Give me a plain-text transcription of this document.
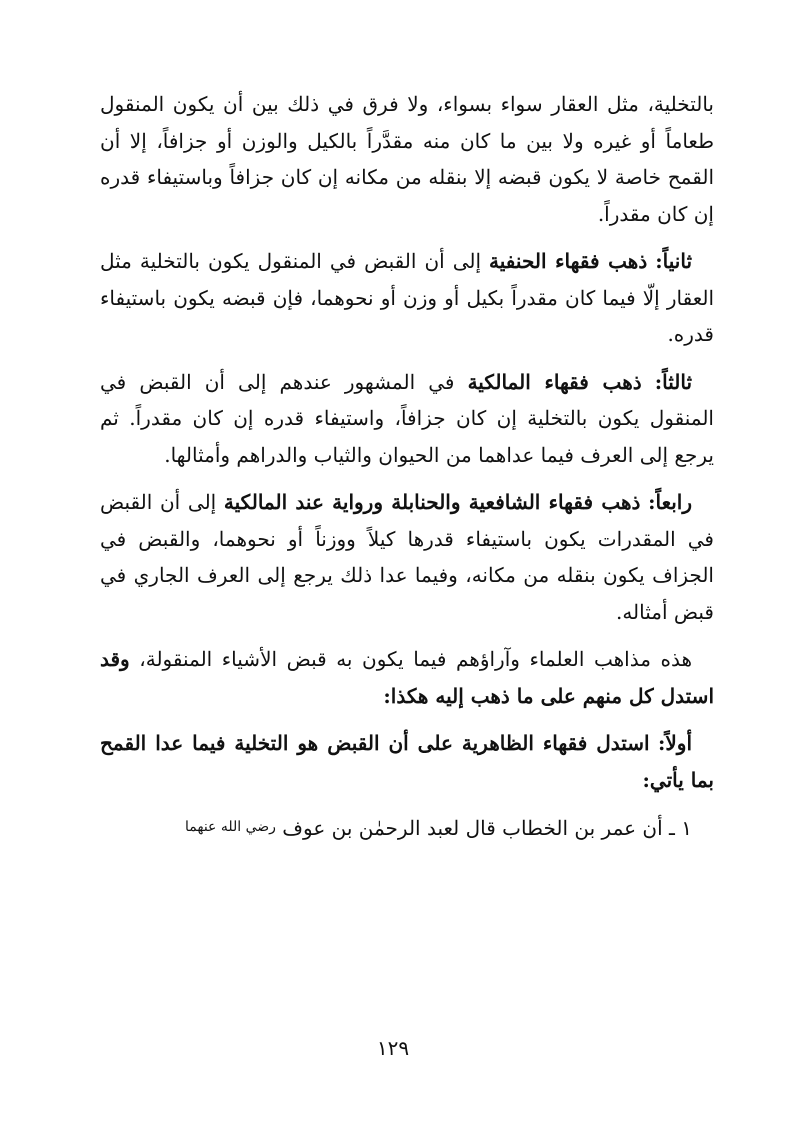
بالتخلية، مثل العقار سواء بسواء، ولا فرق في ذلك بين أن يكون المنقول طعاماً أو غيره ولا بين ما كان منه مقدَّراً بالكيل والوزن أو جزافاً، إلا أن القمح خاصة لا يكون قبضه إلا بنقله من مكانه إن كان جزافاً وباستيفاء قدره إن كان مقدراً.

ثانياً: ذهب فقهاء الحنفية إلى أن القبض في المنقول يكون بالتخلية مثل العقار إلّا فيما كان مقدراً بكيل أو وزن أو نحوهما، فإن قبضه يكون باستيفاء قدره.

ثالثاً: ذهب فقهاء المالكية في المشهور عندهم إلى أن القبض في المنقول يكون بالتخلية إن كان جزافاً، واستيفاء قدره إن كان مقدراً. ثم يرجع إلى العرف فيما عداهما من الحيوان والثياب والدراهم وأمثالها.

رابعاً: ذهب فقهاء الشافعية والحنابلة ورواية عند المالكية إلى أن القبض في المقدرات يكون باستيفاء قدرها كيلاً ووزناً أو نحوهما، والقبض في الجزاف يكون بنقله من مكانه، وفيما عدا ذلك يرجع إلى العرف الجاري في قبض أمثاله.

هذه مذاهب العلماء وآراؤهم فيما يكون به قبض الأشياء المنقولة، وقد استدل كل منهم على ما ذهب إليه هكذا:

أولاً: استدل فقهاء الظاهرية على أن القبض هو التخلية فيما عدا القمح بما يأتي:

١ ـ أن عمر بن الخطاب قال لعبد الرحمٰن بن عوف $^{رضي الله عنهما}$

١٢٩
